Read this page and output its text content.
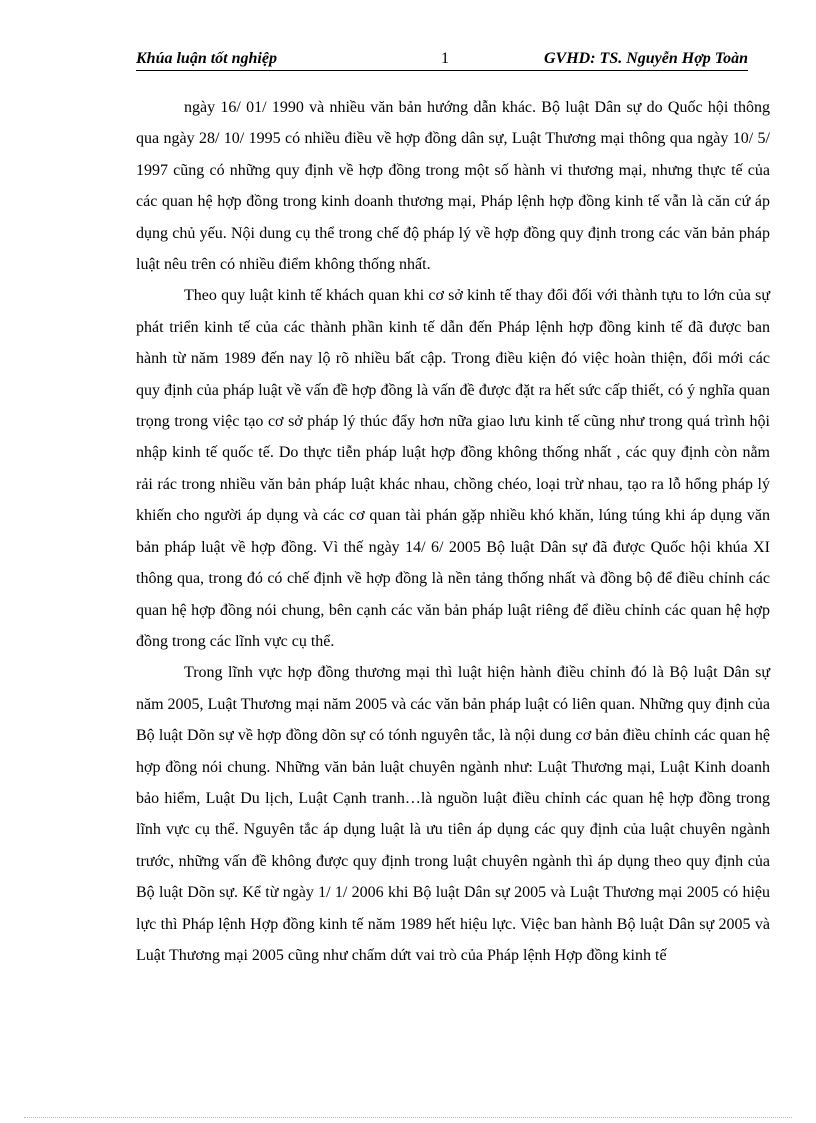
Khúa luận tốt nghiệp	1	GVHD: TS. Nguyễn Hợp Toàn

ngày 16/ 01/ 1990 và nhiều văn bản hướng dẫn khác. Bộ luật Dân sự do Quốc hội thông qua ngày 28/ 10/ 1995 có nhiều điều về hợp đồng dân sự, Luật Thương mại thông qua ngày 10/ 5/ 1997 cũng có những quy định về hợp đồng trong một số hành vi thương mại, nhưng thực tế của các quan hệ hợp đồng trong kinh doanh thương mại, Pháp lệnh hợp đồng kinh tế vẫn là căn cứ áp dụng chủ yếu. Nội dung cụ thể trong chế độ pháp lý về hợp đồng quy định trong các văn bản pháp luật nêu trên có nhiều điểm không thống nhất.

Theo quy luật kinh tế khách quan khi cơ sở kinh tế thay đổi đối với thành tựu to lớn của sự phát triển kinh tế của các thành phần kinh tế dẫn đến Pháp lệnh hợp đồng kinh tế đã được ban hành từ năm 1989 đến nay lộ rõ nhiều bất cập. Trong điều kiện đó việc hoàn thiện, đổi mới các quy định của pháp luật về vấn đề hợp đồng là vấn đề được đặt ra hết sức cấp thiết, có ý nghĩa quan trọng trong việc tạo cơ sở pháp lý thúc đẩy hơn nữa giao lưu kinh tế cũng như trong quá trình hội nhập kinh tế quốc tế. Do thực tiễn pháp luật hợp đồng không thống nhất , các quy định còn nằm rải rác trong nhiều văn bản pháp luật khác nhau, chồng chéo, loại trừ nhau, tạo ra lỗ hổng pháp lý khiến cho người áp dụng và các cơ quan tài phán gặp nhiều khó khăn, lúng túng khi áp dụng văn bản pháp luật về hợp đồng. Vì thế ngày 14/ 6/ 2005 Bộ luật Dân sự đã được Quốc hội khúa XI thông qua, trong đó có chế định về hợp đồng là nền tảng thống nhất và đồng bộ để điều chỉnh các quan hệ hợp đồng nói chung, bên cạnh các văn bản pháp luật riêng để điều chỉnh các quan hệ hợp đồng trong các lĩnh vực cụ thể.

Trong lĩnh vực hợp đồng thương mại thì luật hiện hành điều chỉnh đó là Bộ luật Dân sự năm 2005, Luật Thương mại năm 2005 và các văn bản pháp luật có liên quan. Những quy định của Bộ luật Dõn sự về hợp đồng dõn sự có tónh nguyên tắc, là nội dung cơ bản điều chỉnh các quan hệ hợp đồng nói chung. Những văn bản luật chuyên ngành như: Luật Thương mại, Luật Kinh doanh bảo hiểm, Luật Du lịch, Luật Cạnh tranh…là nguồn luật điều chỉnh các quan hệ hợp đồng trong lĩnh vực cụ thể. Nguyên tắc áp dụng luật là ưu tiên áp dụng các quy định của luật chuyên ngành trước, những vấn đề không được quy định trong luật chuyên ngành thì áp dụng theo quy định của Bộ luật Dõn sự. Kể từ ngày 1/ 1/ 2006 khi Bộ luật Dân sự 2005 và Luật Thương mại 2005 có hiệu lực thì Pháp lệnh Hợp đồng kinh tế năm 1989 hết hiệu lực. Việc ban hành Bộ luật Dân sự 2005 và Luật Thương mại 2005 cũng như chấm dứt vai trò của Pháp lệnh Hợp đồng kinh tế
